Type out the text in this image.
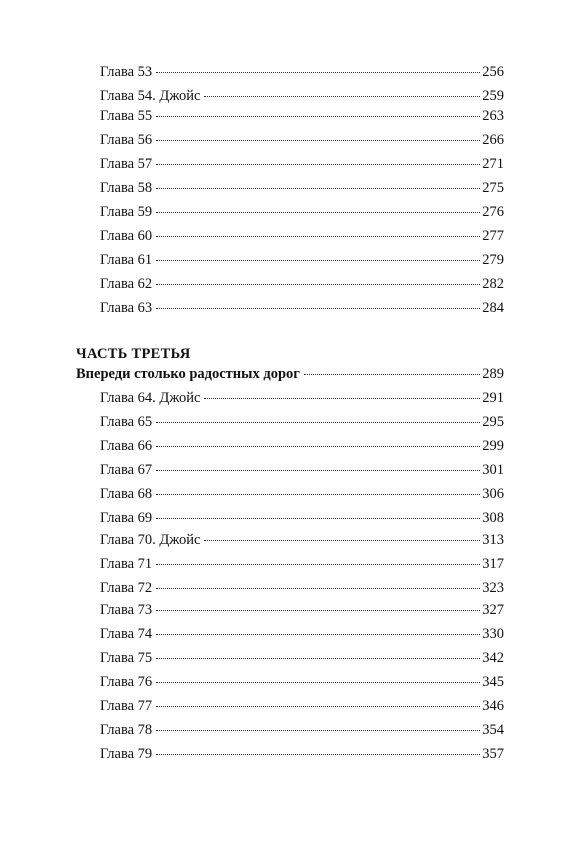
Глава 53	256
Глава 54. Джойс	259
Глава 55	263
Глава 56	266
Глава 57	271
Глава 58	275
Глава 59	276
Глава 60	277
Глава 61	279
Глава 62	282
Глава 63	284
ЧАСТЬ ТРЕТЬЯ
Впереди столько радостных дорог	289
Глава 64. Джойс	291
Глава 65	295
Глава 66	299
Глава 67	301
Глава 68	306
Глава 69	308
Глава 70. Джойс	313
Глава 71	317
Глава 72	323
Глава 73	327
Глава 74	330
Глава 75	342
Глава 76	345
Глава 77	346
Глава 78	354
Глава 79	357
